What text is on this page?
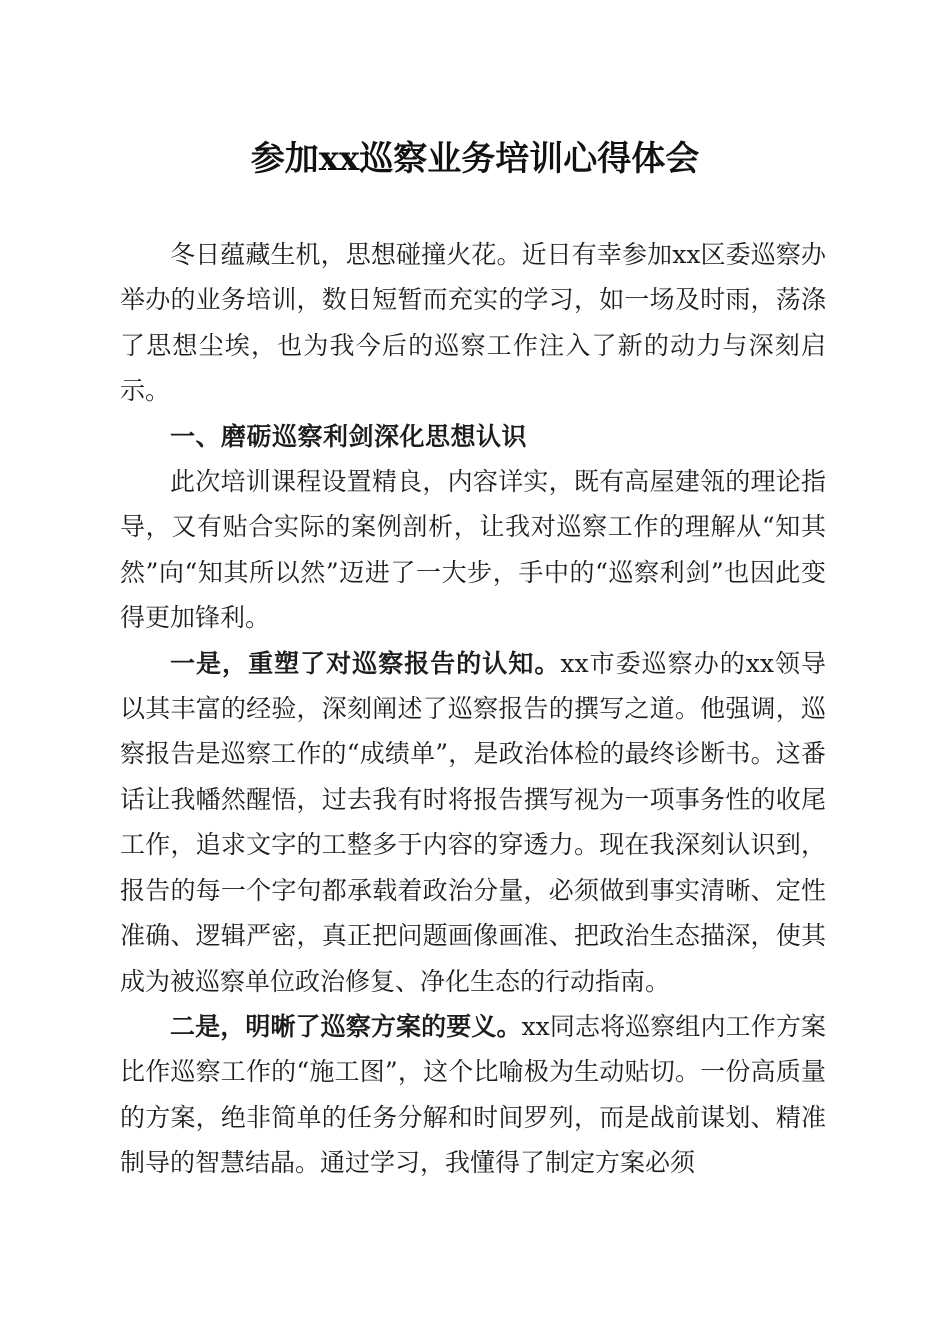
参加xx巡察业务培训心得体会

冬日蕴藏生机，思想碰撞火花。近日有幸参加xx区委巡察办举办的业务培训，数日短暂而充实的学习，如一场及时雨，荡涤了思想尘埃，也为我今后的巡察工作注入了新的动力与深刻启示。

一、磨砺巡察利剑深化思想认识

此次培训课程设置精良，内容详实，既有高屋建瓴的理论指导，又有贴合实际的案例剖析，让我对巡察工作的理解从“知其然”向“知其所以然”迈进了一大步，手中的“巡察利剑”也因此变得更加锋利。

一是，重塑了对巡察报告的认知。xx市委巡察办的xx领导以其丰富的经验，深刻阐述了巡察报告的撰写之道。他强调，巡察报告是巡察工作的“成绩单”，是政治体检的最终诊断书。这番话让我幡然醒悟，过去我有时将报告撰写视为一项事务性的收尾工作，追求文字的工整多于内容的穿透力。现在我深刻认识到，报告的每一个字句都承载着政治分量，必须做到事实清晰、定性准确、逻辑严密，真正把问题画像画准、把政治生态描深，使其成为被巡察单位政治修复、净化生态的行动指南。

二是，明晰了巡察方案的要义。xx同志将巡察组内工作方案比作巡察工作的“施工图”，这个比喻极为生动贴切。一份高质量的方案，绝非简单的任务分解和时间罗列，而是战前谋划、精准制导的智慧结晶。通过学习，我懂得了制定方案必须
